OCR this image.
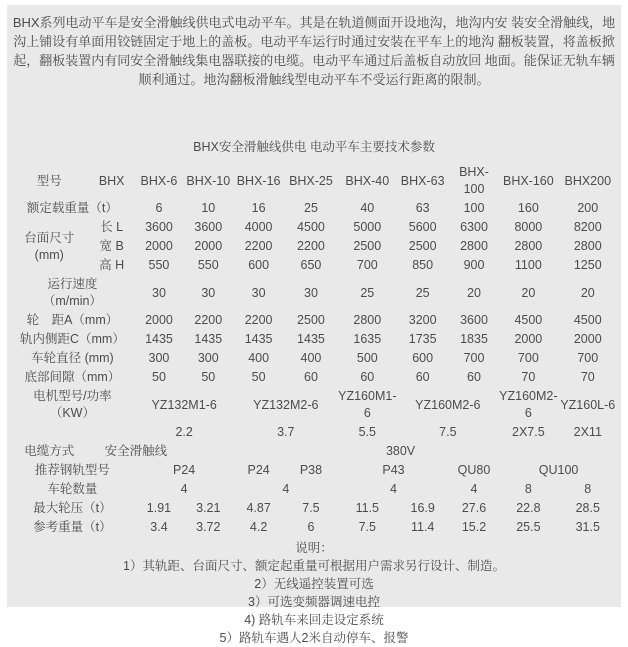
BHX系列电动平车是安全滑触线供电式电动平车。其是在轨道侧面开设地沟，地沟内安 装安全滑触线，地沟上铺设有单面用铰链固定于地上的盖板。电动平车运行时通过安装在平车上的地沟 翻板装置，将盖板掀起，翻板装置内有同安全滑触线集电器联接的电缆。电动平车通过后盖板自动放回 地面。能保证无轨车辆顺利通过。地沟翻板滑触线型电动平车不受运行距离的限制。

BHX安全滑触线供电 电动平车主要技术参数
型号	BHX	BHX-6	BHX-10	BHX-16	BHX-25	BHX-40	BHX-63	BHX-100	BHX-160	BHX200
额定载重量（t）		6	10	16	25	40	63	100	160	200

台面尺寸
(mm)	长 L	3600	3600	4000	4500	5000	5600	6300	8000	8200
	宽 B	2000	2000	2200	2200	2500	2500	2800	2800	2800
	高 H	550	550	600	650	700	850	900	1100	1250

运行速度
（m/min）		30	30	30	30	25	25	20	20	20
轮　距A（mm）		2000	2200	2200	2500	2800	3200	3600	4500	4500
轨内侧距C（mm）		1435	1435	1435	1435	1635	1735	1835	2000	2000
车轮直径 (mm)		300	300	400	400	500	600	700	700	700
底部间隙（mm）		50	50	50	60	60	60	60	70	70

电机型号/功率
（KW）		YZ132M1-6		YZ132M2-6		YZ160M1-6	YZ160M2-6		YZ160M2-6	YZ160L-6
		2.2		3.7		5.5	7.5		2X7.5	2X11
电缆方式	安全滑触线		380V							
推荐钢轨型号		P24		P24	P38	P43		QU80	QU100	
车轮数量		4		4		4		4	8	8
最大轮压（t）		1.91	3.21	4.87	7.5	11.5	16.9	27.6	22.8	28.5
参考重量（t）		3.4	3.72	4.2	6	7.5	11.4	15.2	25.5	31.5
说明：
1）其轨距、台面尺寸、额定起重量可根据用户需求另行设计、制造。
2）无线遥控装置可选
3）可选变频器调速电控
4) 路轨车来回走设定系统
5）路轨车遇人2米自动停车、报警
